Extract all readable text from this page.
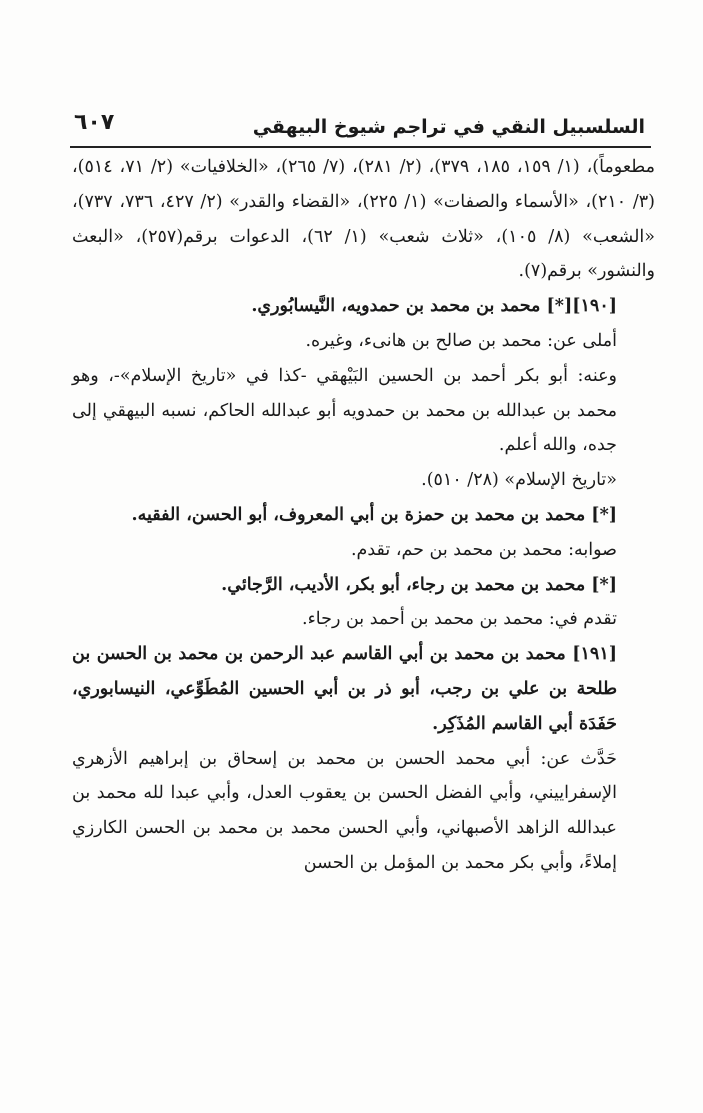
السلسبيل النقي في تراجم شيوخ البيهقي
٦٠٧

مطعوماً)، (١/ ١٥٩، ١٨٥، ٣٧٩)، (٢/ ٢٨١)، (٧/ ٢٦٥)، «الخلافيات» (٢/ ٧١، ٥١٤)، (٣/ ٢١٠)، «الأسماء والصفات» (١/ ٢٢٥)، «القضاء والقدر» (٢/ ٤٢٧، ٧٣٦، ٧٣٧)، «الشعب» (٨/ ١٠٥)، «ثلاث شعب» (١/ ٦٢)، الدعوات برقم(٢٥٧)، «البعث والنشور» برقم(٧).

[١٩٠][*] محمد بن محمد بن حمدويه، النَّيسابُوري.

أملى عن: محمد بن صالح بن هانىء، وغيره.

وعنه: أبو بكر أحمد بن الحسين البَيْهقي -كذا في «تاريخ الإسلام»-، وهو محمد بن عبدالله بن محمد بن حمدويه أبو عبدالله الحاكم، نسبه البيهقي إلى جده، والله أعلم.

«تاريخ الإسلام» (٢٨/ ٥١٠).

[*] محمد بن محمد بن حمزة بن أبي المعروف، أبو الحسن، الفقيه.

صوابه: محمد بن محمد بن حم، تقدم.

[*] محمد بن محمد بن رجاء، أبو بكر، الأديب، الرَّجائي.

تقدم في: محمد بن محمد بن أحمد بن رجاء.

[١٩١] محمد بن محمد بن أبي القاسم عبد الرحمن بن محمد بن الحسن بن طلحة بن علي بن رجب، أبو ذر بن أبي الحسين المُطَوِّعي، النيسابوري، حَفَدَة أبي القاسم المُذَكِر.

حَدَّث عن: أبي محمد الحسن بن محمد بن إسحاق بن إبراهيم الأزهري الإسفراييني، وأبي الفضل الحسن بن يعقوب العدل، وأبي عبدا لله محمد بن عبدالله الزاهد الأصبهاني، وأبي الحسن محمد بن محمد بن الحسن الكارزي إملاءً، وأبي بكر محمد بن المؤمل بن الحسن
